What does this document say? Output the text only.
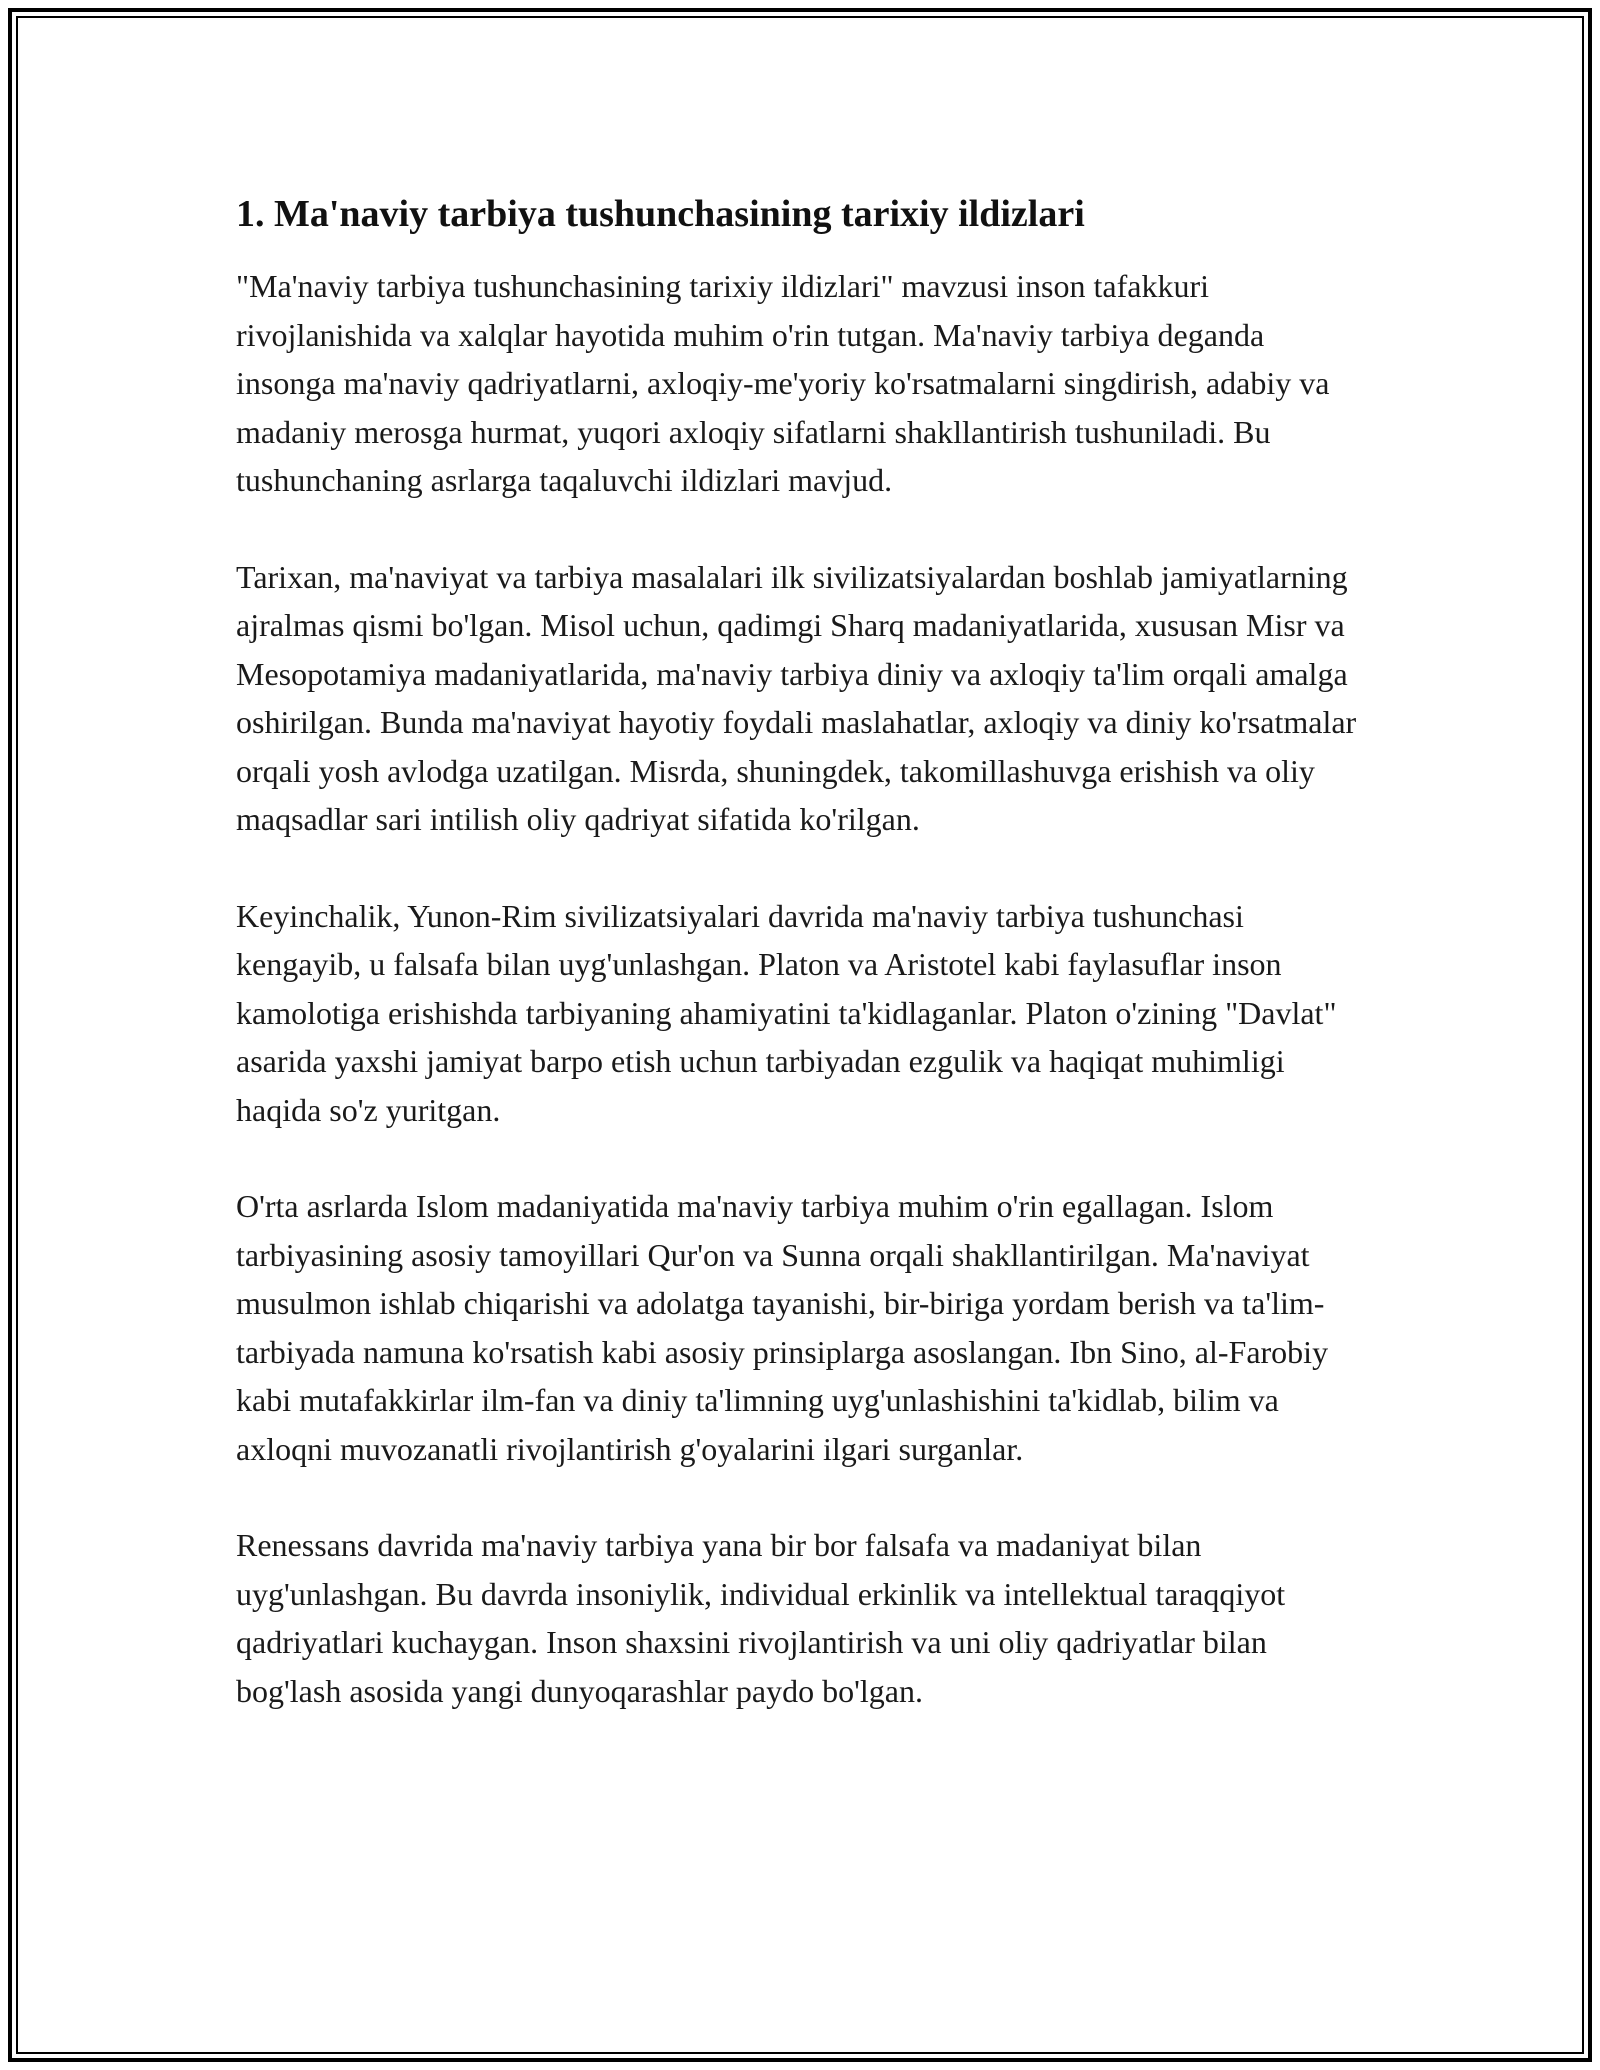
1. Ma'naviy tarbiya tushunchasining tarixiy ildizlari

"Ma'naviy tarbiya tushunchasining tarixiy ildizlari" mavzusi inson tafakkuri rivojlanishida va xalqlar hayotida muhim o'rin tutgan. Ma'naviy tarbiya deganda insonga ma'naviy qadriyatlarni, axloqiy-me'yoriy ko'rsatmalarni singdirish, adabiy va madaniy merosga hurmat, yuqori axloqiy sifatlarni shakllantirish tushuniladi. Bu tushunchaning asrlarga taqaluvchi ildizlari mavjud.

Tarixan, ma'naviyat va tarbiya masalalari ilk sivilizatsiyalardan boshlab jamiyatlarning ajralmas qismi bo'lgan. Misol uchun, qadimgi Sharq madaniyatlarida, xususan Misr va Mesopotamiya madaniyatlarida, ma'naviy tarbiya diniy va axloqiy ta'lim orqali amalga oshirilgan. Bunda ma'naviyat hayotiy foydali maslahatlar, axloqiy va diniy ko'rsatmalar orqali yosh avlodga uzatilgan. Misrda, shuningdek, takomillashuvga erishish va oliy maqsadlar sari intilish oliy qadriyat sifatida ko'rilgan.

Keyinchalik, Yunon-Rim sivilizatsiyalari davrida ma'naviy tarbiya tushunchasi kengayib, u falsafa bilan uyg'unlashgan. Platon va Aristotel kabi faylasuflar inson kamolotiga erishishda tarbiyaning ahamiyatini ta'kidlaganlar. Platon o'zining "Davlat" asarida yaxshi jamiyat barpo etish uchun tarbiyadan ezgulik va haqiqat muhimligi haqida so'z yuritgan.

O'rta asrlarda Islom madaniyatida ma'naviy tarbiya muhim o'rin egallagan. Islom tarbiyasining asosiy tamoyillari Qur'on va Sunna orqali shakllantirilgan. Ma'naviyat musulmon ishlab chiqarishi va adolatga tayanishi, bir-biriga yordam berish va ta'lim-tarbiyada namuna ko'rsatish kabi asosiy prinsiplarga asoslangan. Ibn Sino, al-Farobiy kabi mutafakkirlar ilm-fan va diniy ta'limning uyg'unlashishini ta'kidlab, bilim va axloqni muvozanatli rivojlantirish g'oyalarini ilgari surganlar.

Renessans davrida ma'naviy tarbiya yana bir bor falsafa va madaniyat bilan uyg'unlashgan. Bu davrda insoniylik, individual erkinlik va intellektual taraqqiyot qadriyatlari kuchaygan. Inson shaxsini rivojlantirish va uni oliy qadriyatlar bilan bog'lash asosida yangi dunyoqarashlar paydo bo'lgan.
